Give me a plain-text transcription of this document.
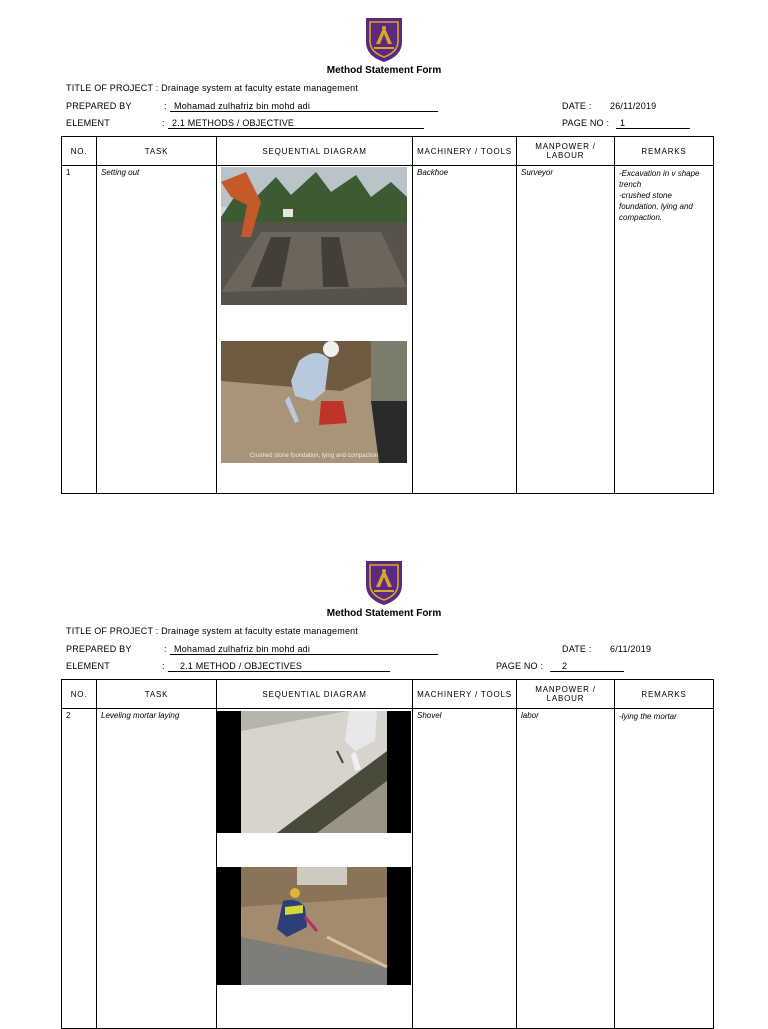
Method Statement Form
TITLE OF PROJECT : Drainage system at faculty estate management
PREPARED BY	: Mohamad zulhafriz bin mohd adi	DATE : 26/11/2019
ELEMENT	: 2.1 METHODS / OBJECTIVE	PAGE NO :	1
NO.	TASK	SEQUENTIAL DIAGRAM	MACHINERY / TOOLS	MANPOWER / LABOUR	REMARKS
1	Setting out	Crushed stone foundation, lying and compaction	Backhoe	Surveyor	-Excavation in v shape trench
-crushed stone foundation, lying and compaction.
Method Statement Form
TITLE OF PROJECT : Drainage system at faculty estate management
PREPARED BY	: Mohamad zulhafriz bin mohd adi	DATE : 6/11/2019
ELEMENT	:	2.1 METHOD / OBJECTIVES	PAGE NO :	2
NO.	TASK	SEQUENTIAL DIAGRAM	MACHINERY / TOOLS	MANPOWER / LABOUR	REMARKS
2	Leveling mortar laying		Shovel	labor	-lying the mortar
